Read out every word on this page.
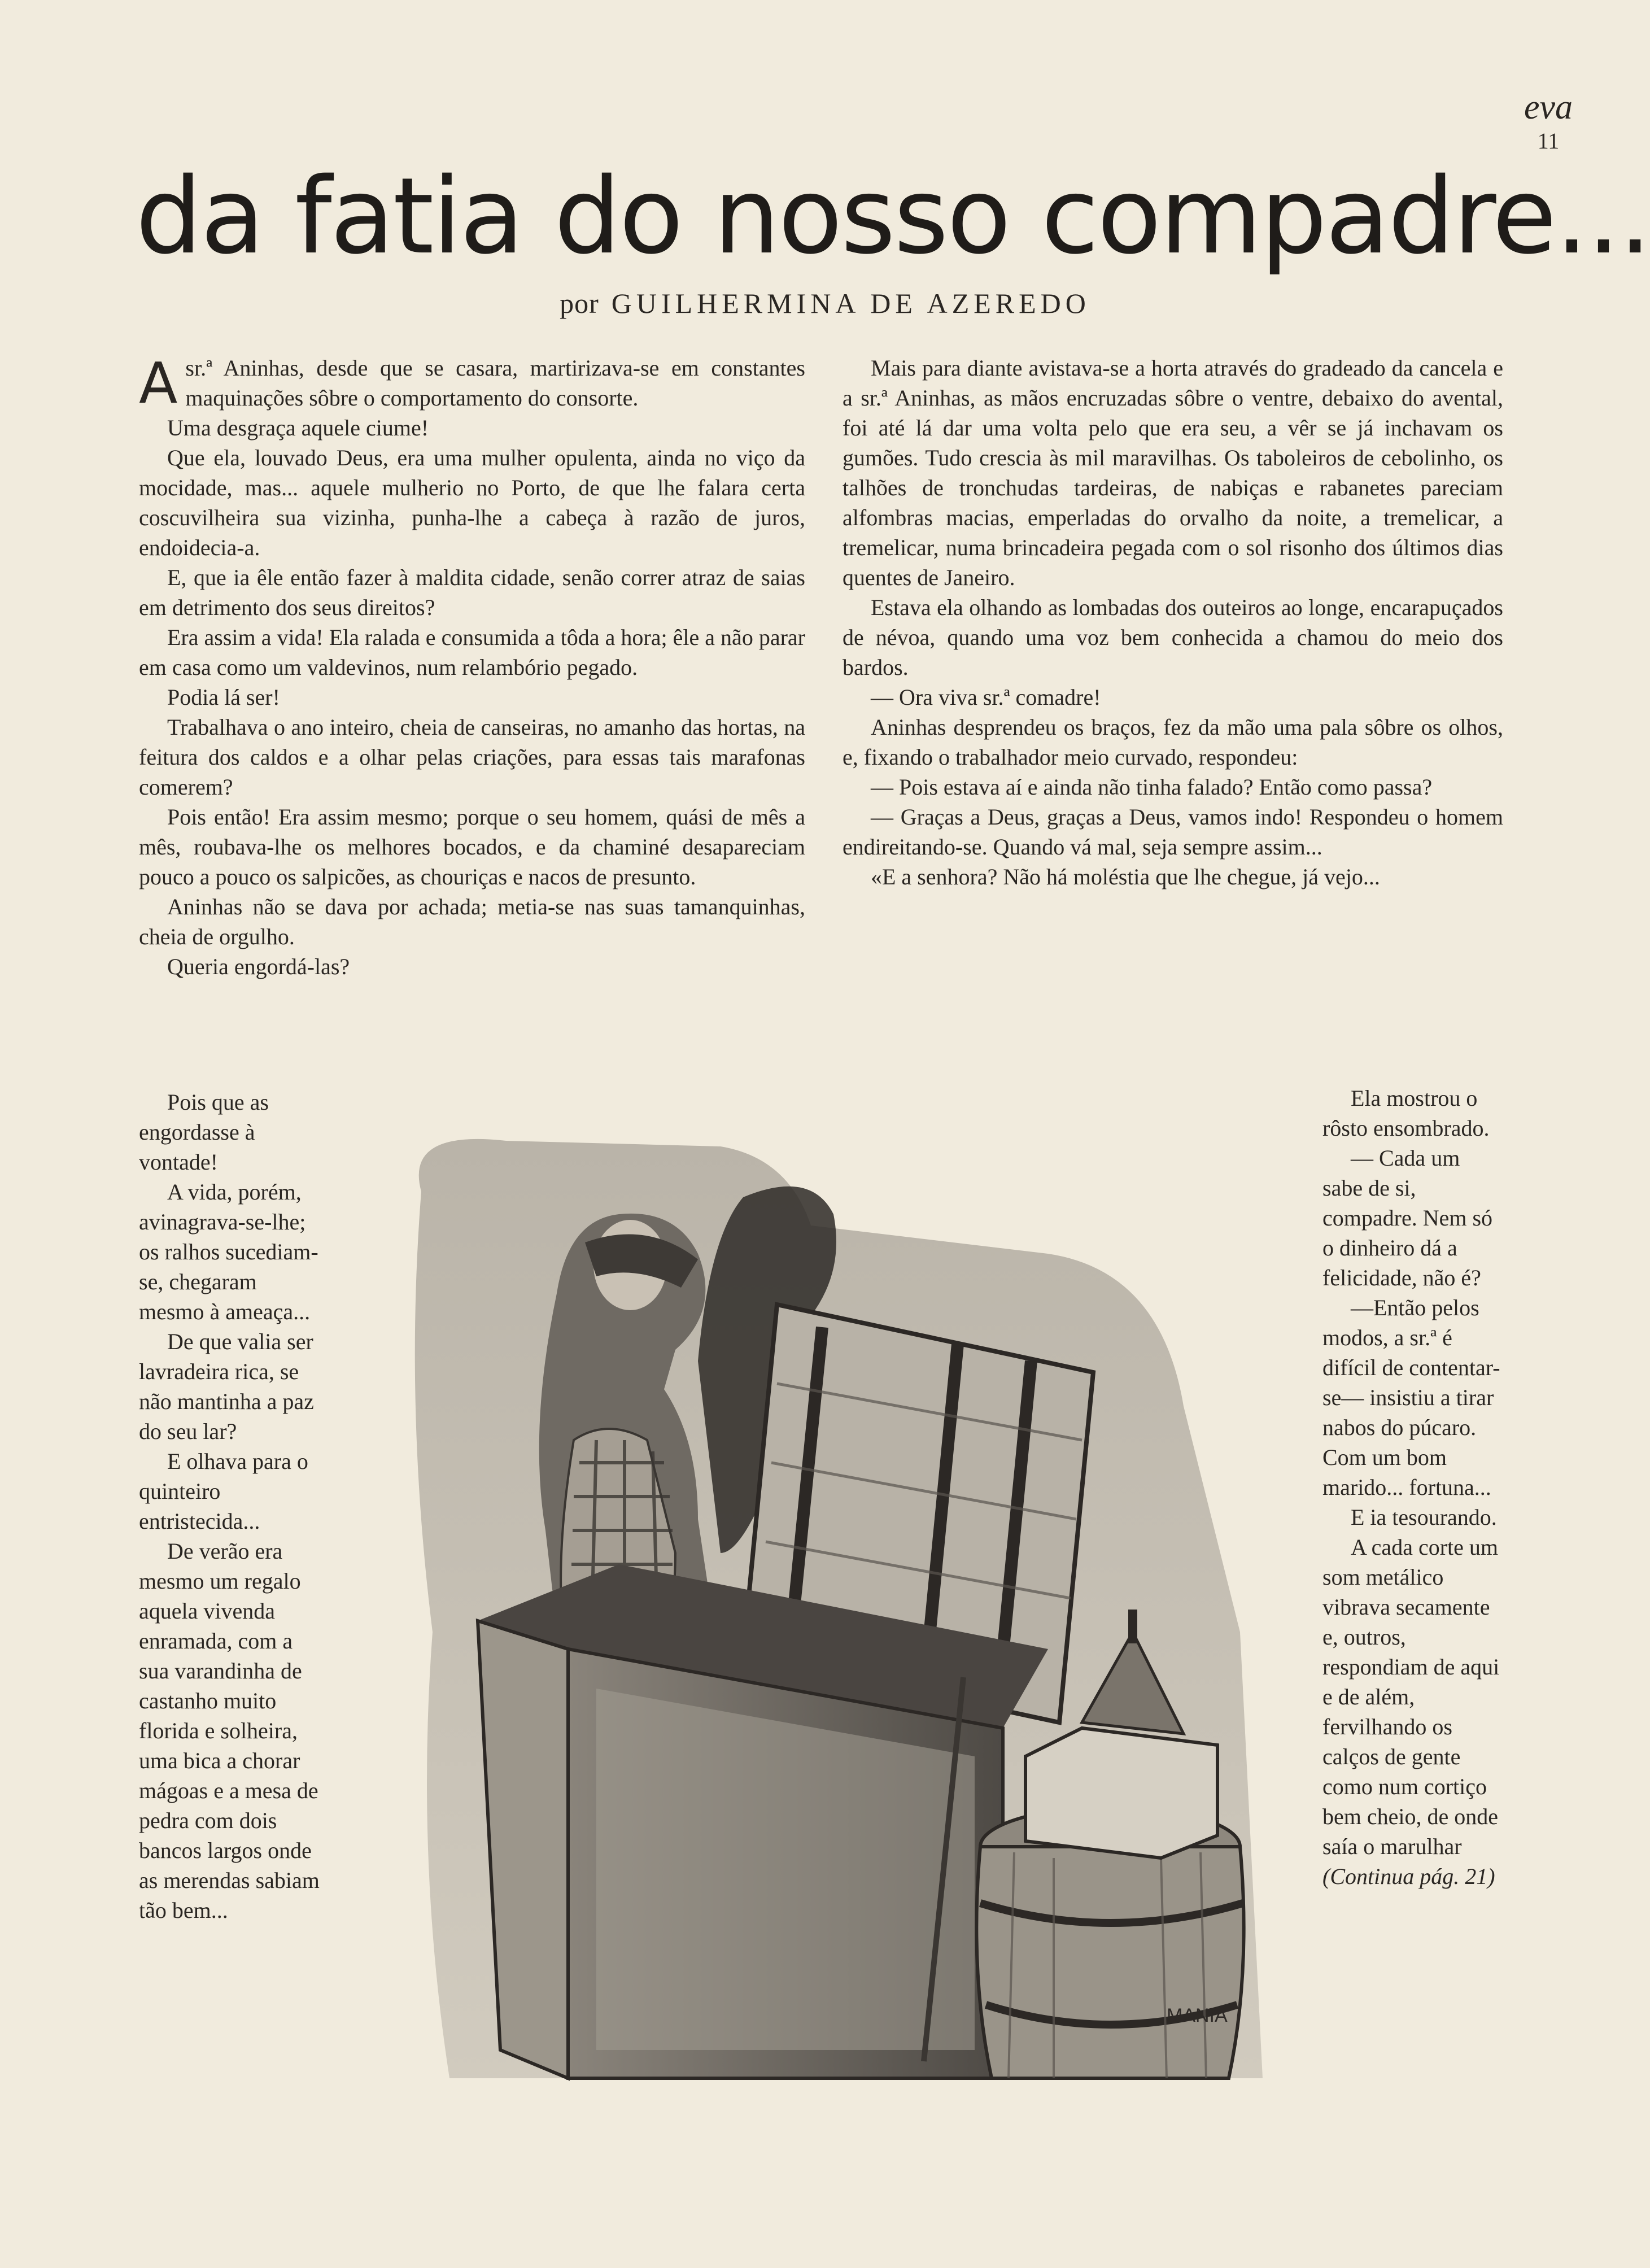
eva
11
da fatia do nosso compadre...
por GUILHERMINA DE AZEREDO

Asr.ª Aninhas, desde que se casara, martirizava-se em constantes maquinações sôbre o comportamento do consorte.

Uma desgraça aquele ciume!

Que ela, louvado Deus, era uma mulher opulenta, ainda no viço da mocidade, mas... aquele mulherio no Porto, de que lhe falara certa coscuvilheira sua vizinha, punha-lhe a cabeça à razão de juros, endoidecia-a.

E, que ia êle então fazer à maldita cidade, senão correr atraz de saias em detrimento dos seus direitos?

Era assim a vida! Ela ralada e consumida a tôda a hora; êle a não parar em casa como um valdevinos, num relambório pegado.

Podia lá ser!

Trabalhava o ano inteiro, cheia de canseiras, no amanho das hortas, na feitura dos caldos e a olhar pelas criações, para essas tais marafonas comerem?

Pois então! Era assim mesmo; porque o seu homem, quási de mês a mês, roubava-lhe os melhores bocados, e da chaminé desapareciam pouco a pouco os salpicões, as chouriças e nacos de presunto.

Aninhas não se dava por achada; metia-se nas suas tamanquinhas, cheia de orgulho.

Queria engordá-las?

Pois que as engordasse à vontade!

A vida, porém, avinagrava-se-lhe; os ralhos sucediam-se, chegaram mesmo à ameaça...

De que valia ser lavradeira rica, se não mantinha a paz do seu lar?

E olhava para o quinteiro entristecida...

De verão era mesmo um regalo aquela vivenda enramada, com a sua varandinha de castanho muito florida e solheira, uma bica a chorar mágoas e a mesa de pedra com dois bancos largos onde as merendas sabiam tão bem...

Mais para diante avistava-se a horta através do gradeado da cancela e a sr.ª Aninhas, as mãos encruzadas sôbre o ventre, debaixo do avental, foi até lá dar uma volta pelo que era seu, a vêr se já inchavam os gumões. Tudo crescia às mil maravilhas. Os taboleiros de cebolinho, os talhões de tronchudas tardeiras, de nabiças e rabanetes pareciam alfombras macias, emperladas do orvalho da noite, a tremelicar, a tremelicar, numa brincadeira pegada com o sol risonho dos últimos dias quentes de Janeiro.

Estava ela olhando as lombadas dos outeiros ao longe, encarapuçados de névoa, quando uma voz bem conhecida a chamou do meio dos bardos.

— Ora viva sr.ª comadre!

Aninhas desprendeu os braços, fez da mão uma pala sôbre os olhos, e, fixando o trabalhador meio curvado, respondeu:

— Pois estava aí e ainda não tinha falado? Então como passa?

— Graças a Deus, graças a Deus, vamos indo! Respondeu o homem endireitando-se. Quando vá mal, seja sempre assim...

«E a senhora? Não há moléstia que lhe chegue, já vejo...

Ela mostrou o rôsto ensombrado.

— Cada um sabe de si, compadre. Nem só o dinheiro dá a felicidade, não é?

—Então pelos modos, a sr.ª é difícil de contentar-se— insistiu a tirar nabos do púcaro. Com um bom marido... fortuna...

E ia tesourando.

A cada corte um som metálico vibrava secamente e, outros, respondiam de aqui e de além, fervilhando os calços de gente como num cortiço bem cheio, de onde saía o marulhar (Continua pág. 21)

MANIA
